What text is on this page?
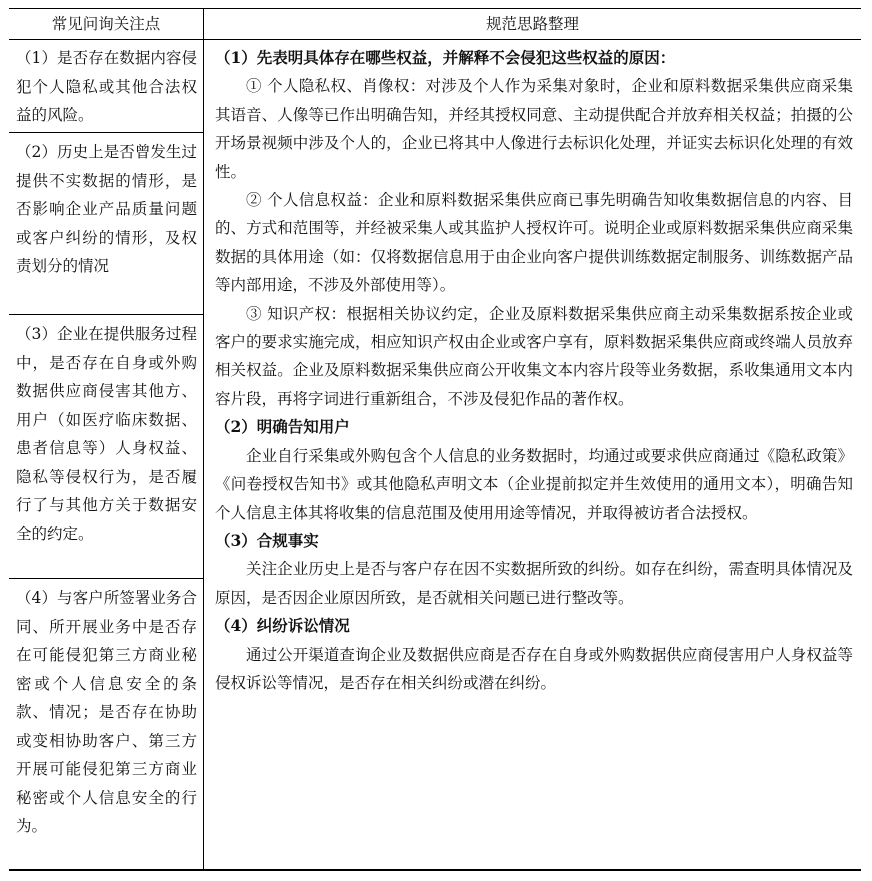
常见问询关注点	规范思路整理
（1）是否存在数据内容侵犯个人隐私或其他合法权益的风险。
（2）历史上是否曾发生过提供不实数据的情形，是否影响企业产品质量问题或客户纠纷的情形，及权责划分的情况
（3）企业在提供服务过程中，是否存在自身或外购数据供应商侵害其他方、用户（如医疗临床数据、患者信息等）人身权益、隐私等侵权行为，是否履行了与其他方关于数据安全的约定。
（4）与客户所签署业务合同、所开展业务中是否存在可能侵犯第三方商业秘密或个人信息安全的条款、情况；是否存在协助或变相协助客户、第三方开展可能侵犯第三方商业秘密或个人信息安全的行为。

（1）先表明具体存在哪些权益，并解释不会侵犯这些权益的原因：

① 个人隐私权、肖像权：对涉及个人作为采集对象时，企业和原料数据采集供应商采集其语音、人像等已作出明确告知，并经其授权同意、主动提供配合并放弃相关权益；拍摄的公开场景视频中涉及个人的，企业已将其中人像进行去标识化处理，并证实去标识化处理的有效性。

② 个人信息权益：企业和原料数据采集供应商已事先明确告知收集数据信息的内容、目的、方式和范围等，并经被采集人或其监护人授权许可。说明企业或原料数据采集供应商采集数据的具体用途（如：仅将数据信息用于由企业向客户提供训练数据定制服务、训练数据产品等内部用途，不涉及外部使用等）。

③ 知识产权：根据相关协议约定，企业及原料数据采集供应商主动采集数据系按企业或客户的要求实施完成，相应知识产权由企业或客户享有，原料数据采集供应商或终端人员放弃相关权益。企业及原料数据采集供应商公开收集文本内容片段等业务数据，系收集通用文本内容片段，再将字词进行重新组合，不涉及侵犯作品的著作权。

（2）明确告知用户

企业自行采集或外购包含个人信息的业务数据时，均通过或要求供应商通过《隐私政策》《问卷授权告知书》或其他隐私声明文本（企业提前拟定并生效使用的通用文本），明确告知个人信息主体其将收集的信息范围及使用用途等情况，并取得被访者合法授权。

（3）合规事实

关注企业历史上是否与客户存在因不实数据所致的纠纷。如存在纠纷，需查明具体情况及原因，是否因企业原因所致，是否就相关问题已进行整改等。

（4）纠纷诉讼情况

通过公开渠道查询企业及数据供应商是否存在自身或外购数据供应商侵害用户人身权益等侵权诉讼等情况，是否存在相关纠纷或潜在纠纷。
